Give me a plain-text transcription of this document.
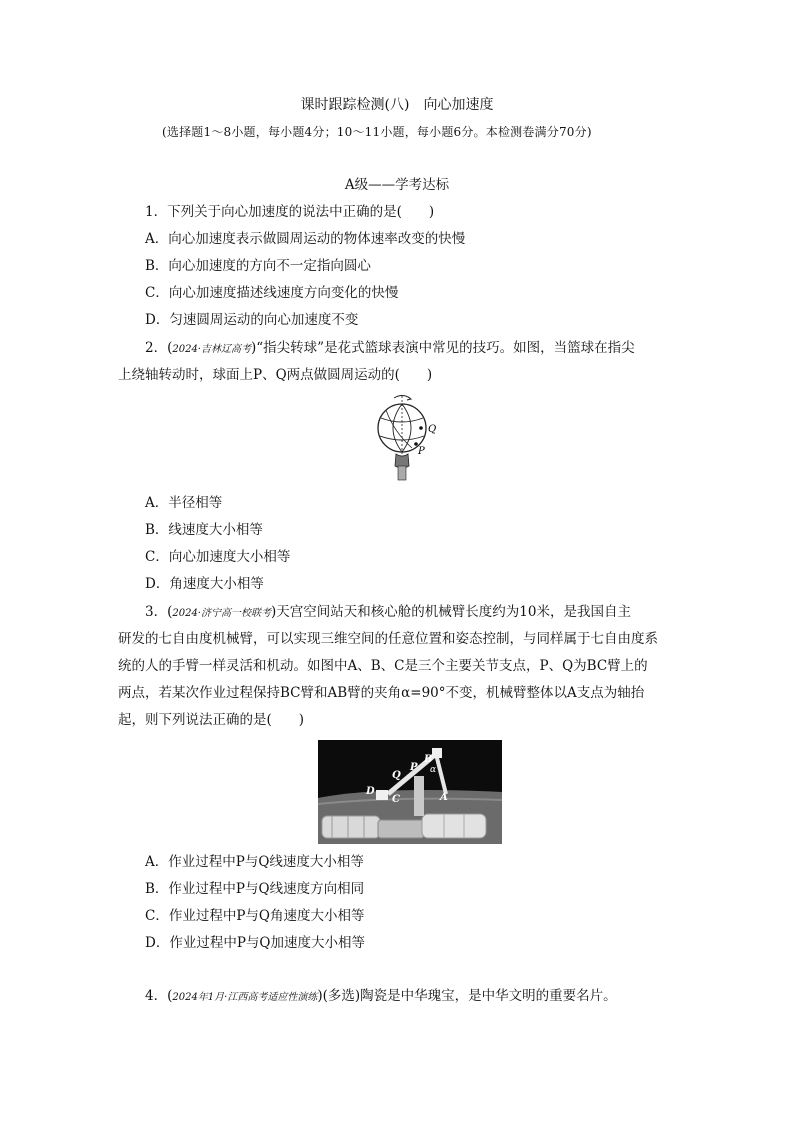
课时跟踪检测(八)　向心加速度
(选择题1～8小题，每小题4分；10～11小题，每小题6分。本检测卷满分70分)
A级——学考达标
1．下列关于向心加速度的说法中正确的是(　　)
A．向心加速度表示做圆周运动的物体速率改变的快慢
B．向心加速度的方向不一定指向圆心
C．向心加速度描述线速度方向变化的快慢
D．匀速圆周运动的向心加速度不变
2．(2024·吉林辽高考)“指尖转球”是花式篮球表演中常见的技巧。如图，当篮球在指尖
上绕轴转动时，球面上P、Q两点做圆周运动的(　　)
Q
P
A．半径相等
B．线速度大小相等
C．向心加速度大小相等
D．角速度大小相等
3．(2024·济宁高一校联考)天宫空间站天和核心舱的机械臂长度约为10米，是我国自主
研发的七自由度机械臂，可以实现三维空间的任意位置和姿态控制，与同样属于七自由度系
统的人的手臂一样灵活和机动。如图中A、B、C是三个主要关节支点，P、Q为BC臂上的
两点，若某次作业过程保持BC臂和AB臂的夹角α=90°不变，机械臂整体以A支点为轴抬
起，则下列说法正确的是(　　)
D
C
Q
P
B
α
A
A．作业过程中P与Q线速度大小相等
B．作业过程中P与Q线速度方向相同
C．作业过程中P与Q角速度大小相等
D．作业过程中P与Q加速度大小相等
4．(2024年1月·江西高考适应性演练)(多选)陶瓷是中华瑰宝，是中华文明的重要名片。
